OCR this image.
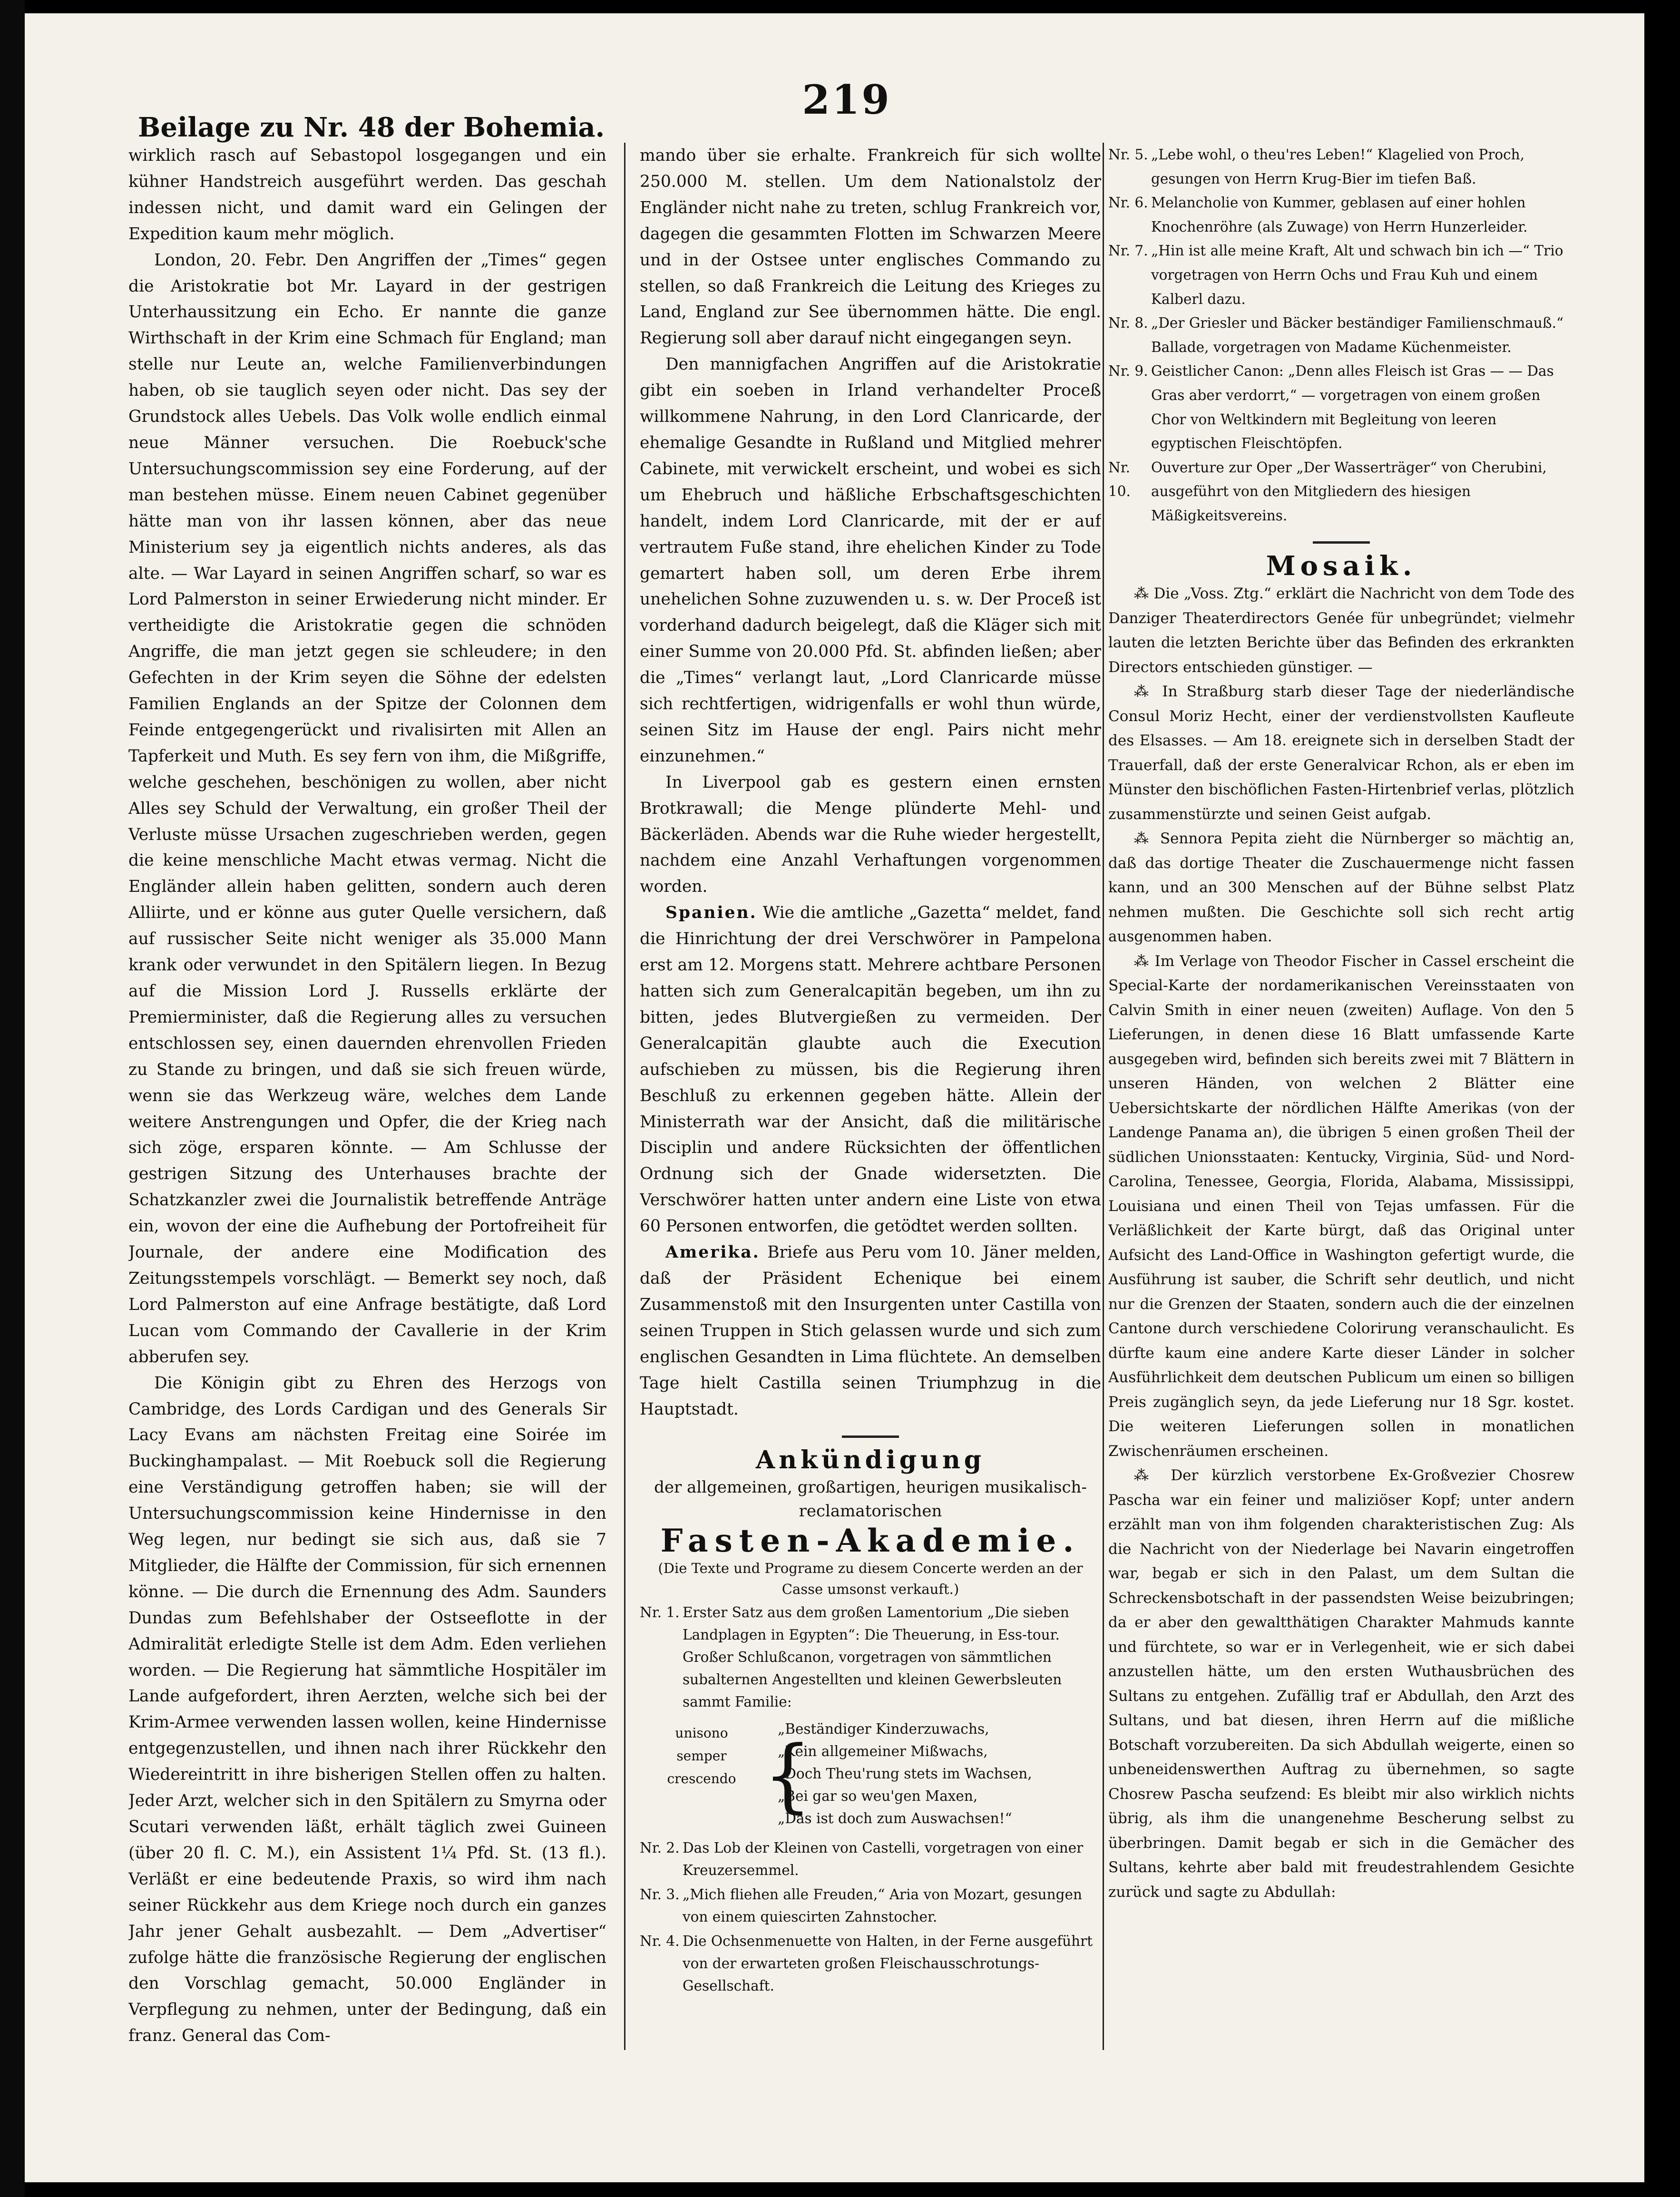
219
Beilage zu Nr. 48 der Bohemia.

wirklich rasch auf Sebastopol losgegangen und ein kühner Handstreich ausgeführt werden. Das geschah indessen nicht, und damit ward ein Gelingen der Expedition kaum mehr möglich.

London, 20. Febr. Den Angriffen der „Times“ gegen die Aristokratie bot Mr. Layard in der gestrigen Unterhaussitzung ein Echo. Er nannte die ganze Wirthschaft in der Krim eine Schmach für England; man stelle nur Leute an, welche Familienverbindungen haben, ob sie tauglich seyen oder nicht. Das sey der Grundstock alles Uebels. Das Volk wolle endlich einmal neue Männer versuchen. Die Roebuck'sche Untersuchungscommission sey eine Forderung, auf der man bestehen müsse. Einem neuen Cabinet gegenüber hätte man von ihr lassen können, aber das neue Ministerium sey ja eigentlich nichts anderes, als das alte. — War Layard in seinen Angriffen scharf, so war es Lord Palmerston in seiner Erwiederung nicht minder. Er vertheidigte die Aristokratie gegen die schnöden Angriffe, die man jetzt gegen sie schleudere; in den Gefechten in der Krim seyen die Söhne der edelsten Familien Englands an der Spitze der Colonnen dem Feinde entgegengerückt und rivalisirten mit Allen an Tapferkeit und Muth. Es sey fern von ihm, die Mißgriffe, welche geschehen, beschönigen zu wollen, aber nicht Alles sey Schuld der Verwaltung, ein großer Theil der Verluste müsse Ursachen zugeschrieben werden, gegen die keine menschliche Macht etwas vermag. Nicht die Engländer allein haben gelitten, sondern auch deren Alliirte, und er könne aus guter Quelle versichern, daß auf russischer Seite nicht weniger als 35.000 Mann krank oder verwundet in den Spitälern liegen. In Bezug auf die Mission Lord J. Russells erklärte der Premierminister, daß die Regierung alles zu versuchen entschlossen sey, einen dauernden ehrenvollen Frieden zu Stande zu bringen, und daß sie sich freuen würde, wenn sie das Werkzeug wäre, welches dem Lande weitere Anstrengungen und Opfer, die der Krieg nach sich zöge, ersparen könnte. — Am Schlusse der gestrigen Sitzung des Unterhauses brachte der Schatzkanzler zwei die Journalistik betreffende Anträge ein, wovon der eine die Aufhebung der Portofreiheit für Journale, der andere eine Modification des Zeitungsstempels vorschlägt. — Bemerkt sey noch, daß Lord Palmerston auf eine Anfrage bestätigte, daß Lord Lucan vom Commando der Cavallerie in der Krim abberufen sey.

Die Königin gibt zu Ehren des Herzogs von Cambridge, des Lords Cardigan und des Generals Sir Lacy Evans am nächsten Freitag eine Soirée im Buckinghampalast. — Mit Roebuck soll die Regierung eine Verständigung getroffen haben; sie will der Untersuchungscommission keine Hindernisse in den Weg legen, nur bedingt sie sich aus, daß sie 7 Mitglieder, die Hälfte der Commission, für sich ernennen könne. — Die durch die Ernennung des Adm. Saunders Dundas zum Befehlshaber der Ostseeflotte in der Admiralität erledigte Stelle ist dem Adm. Eden verliehen worden. — Die Regierung hat sämmtliche Hospitäler im Lande aufgefordert, ihren Aerzten, welche sich bei der Krim-Armee verwenden lassen wollen, keine Hindernisse entgegenzustellen, und ihnen nach ihrer Rückkehr den Wiedereintritt in ihre bisherigen Stellen offen zu halten. Jeder Arzt, welcher sich in den Spitälern zu Smyrna oder Scutari verwenden läßt, erhält täglich zwei Guineen (über 20 fl. C. M.), ein Assistent 1¼ Pfd. St. (13 fl.). Verläßt er eine bedeutende Praxis, so wird ihm nach seiner Rückkehr aus dem Kriege noch durch ein ganzes Jahr jener Gehalt ausbezahlt. — Dem „Advertiser“ zufolge hätte die französische Regierung der englischen den Vorschlag gemacht, 50.000 Engländer in Verpflegung zu nehmen, unter der Bedingung, daß ein franz. General das Com-

mando über sie erhalte. Frankreich für sich wollte 250.000 M. stellen. Um dem Nationalstolz der Engländer nicht nahe zu treten, schlug Frankreich vor, dagegen die gesammten Flotten im Schwarzen Meere und in der Ostsee unter englisches Commando zu stellen, so daß Frankreich die Leitung des Krieges zu Land, England zur See übernommen hätte. Die engl. Regierung soll aber darauf nicht eingegangen seyn.

Den mannigfachen Angriffen auf die Aristokratie gibt ein soeben in Irland verhandelter Proceß willkommene Nahrung, in den Lord Clanricarde, der ehemalige Gesandte in Rußland und Mitglied mehrer Cabinete, mit verwickelt erscheint, und wobei es sich um Ehebruch und häßliche Erbschaftsgeschichten handelt, indem Lord Clanricarde, mit der er auf vertrautem Fuße stand, ihre ehelichen Kinder zu Tode gemartert haben soll, um deren Erbe ihrem unehelichen Sohne zuzuwenden u. s. w. Der Proceß ist vorderhand dadurch beigelegt, daß die Kläger sich mit einer Summe von 20.000 Pfd. St. abfinden ließen; aber die „Times“ verlangt laut, „Lord Clanricarde müsse sich rechtfertigen, widrigenfalls er wohl thun würde, seinen Sitz im Hause der engl. Pairs nicht mehr einzunehmen.“

In Liverpool gab es gestern einen ernsten Brotkrawall; die Menge plünderte Mehl- und Bäckerläden. Abends war die Ruhe wieder hergestellt, nachdem eine Anzahl Verhaftungen vorgenommen worden.

Spanien. Wie die amtliche „Gazetta“ meldet, fand die Hinrichtung der drei Verschwörer in Pampelona erst am 12. Morgens statt. Mehrere achtbare Personen hatten sich zum Generalcapitän begeben, um ihn zu bitten, jedes Blutvergießen zu vermeiden. Der Generalcapitän glaubte auch die Execution aufschieben zu müssen, bis die Regierung ihren Beschluß zu erkennen gegeben hätte. Allein der Ministerrath war der Ansicht, daß die militärische Disciplin und andere Rücksichten der öffentlichen Ordnung sich der Gnade widersetzten. Die Verschwörer hatten unter andern eine Liste von etwa 60 Personen entworfen, die getödtet werden sollten.

Amerika. Briefe aus Peru vom 10. Jäner melden, daß der Präsident Echenique bei einem Zusammenstoß mit den Insurgenten unter Castilla von seinen Truppen in Stich gelassen wurde und sich zum englischen Gesandten in Lima flüchtete. An demselben Tage hielt Castilla seinen Triumphzug in die Hauptstadt.

Ankündigung
der allgemeinen, großartigen, heurigen musikalisch-reclamatorischen
Fasten-Akademie.
(Die Texte und Programe zu diesem Concerte werden an der Casse umsonst verkauft.)
Nr. 1. Erster Satz aus dem großen Lamentorium „Die sieben Landplagen in Egypten“: Die Theuerung, in Ess-tour. Großer Schlußcanon, vorgetragen von sämmtlichen subalternen Angestellten und kleinen Gewerbsleuten sammt Familie:
unisono
semper
crescendo {
„Beständiger Kinderzuwachs,
„Kein allgemeiner Mißwachs,
„Doch Theu'rung stets im Wachsen,
„Bei gar so weu'gen Maxen,
„Das ist doch zum Auswachsen!“
Nr. 2. Das Lob der Kleinen von Castelli, vorgetragen von einer Kreuzersemmel.
Nr. 3. „Mich fliehen alle Freuden,“ Aria von Mozart, gesungen von einem quiescirten Zahnstocher.
Nr. 4. Die Ochsenmenuette von Halten, in der Ferne ausgeführt von der erwarteten großen Fleischausschrotungs-Gesellschaft.
Nr. 5. „Lebe wohl, o theu'res Leben!“ Klagelied von Proch, gesungen von Herrn Krug-Bier im tiefen Baß.
Nr. 6. Melancholie von Kummer, geblasen auf einer hohlen Knochenröhre (als Zuwage) von Herrn Hunzerleider.
Nr. 7. „Hin ist alle meine Kraft, Alt und schwach bin ich —“ Trio vorgetragen von Herrn Ochs und Frau Kuh und einem Kalberl dazu.
Nr. 8. „Der Griesler und Bäcker beständiger Familienschmauß.“ Ballade, vorgetragen von Madame Küchenmeister.
Nr. 9. Geistlicher Canon: „Denn alles Fleisch ist Gras — — Das Gras aber verdorrt,“ — vorgetragen von einem großen Chor von Weltkindern mit Begleitung von leeren egyptischen Fleischtöpfen.
Nr. 10.
Ouverture zur Oper „Der Wasserträger“ von Cherubini, ausgeführt von den Mitgliedern des hiesigen Mäßigkeitsvereins.
Mosaik.

⁂ Die „Voss. Ztg.“ erklärt die Nachricht von dem Tode des Danziger Theaterdirectors Genée für unbegründet; vielmehr lauten die letzten Berichte über das Befinden des erkrankten Directors entschieden günstiger. —

⁂ In Straßburg starb dieser Tage der niederländische Consul Moriz Hecht, einer der verdienstvollsten Kaufleute des Elsasses. — Am 18. ereignete sich in derselben Stadt der Trauerfall, daß der erste Generalvicar Rchon, als er eben im Münster den bischöflichen Fasten-Hirtenbrief verlas, plötzlich zusammenstürzte und seinen Geist aufgab.

⁂ Sennora Pepita zieht die Nürnberger so mächtig an, daß das dortige Theater die Zuschauermenge nicht fassen kann, und an 300 Menschen auf der Bühne selbst Platz nehmen mußten. Die Geschichte soll sich recht artig ausgenommen haben.

⁂ Im Verlage von Theodor Fischer in Cassel erscheint die Special-Karte der nordamerikanischen Vereinsstaaten von Calvin Smith in einer neuen (zweiten) Auflage. Von den 5 Lieferungen, in denen diese 16 Blatt umfassende Karte ausgegeben wird, befinden sich bereits zwei mit 7 Blättern in unseren Händen, von welchen 2 Blätter eine Uebersichtskarte der nördlichen Hälfte Amerikas (von der Landenge Panama an), die übrigen 5 einen großen Theil der südlichen Unionsstaaten: Kentucky, Virginia, Süd- und Nord-Carolina, Tenessee, Georgia, Florida, Alabama, Mississippi, Louisiana und einen Theil von Tejas umfassen. Für die Verläßlichkeit der Karte bürgt, daß das Original unter Aufsicht des Land-Office in Washington gefertigt wurde, die Ausführung ist sauber, die Schrift sehr deutlich, und nicht nur die Grenzen der Staaten, sondern auch die der einzelnen Cantone durch verschiedene Colorirung veranschaulicht. Es dürfte kaum eine andere Karte dieser Länder in solcher Ausführlichkeit dem deutschen Publicum um einen so billigen Preis zugänglich seyn, da jede Lieferung nur 18 Sgr. kostet. Die weiteren Lieferungen sollen in monatlichen Zwischenräumen erscheinen.

⁂ Der kürzlich verstorbene Ex-Großvezier Chosrew Pascha war ein feiner und maliziöser Kopf; unter andern erzählt man von ihm folgenden charakteristischen Zug: Als die Nachricht von der Niederlage bei Navarin eingetroffen war, begab er sich in den Palast, um dem Sultan die Schreckensbotschaft in der passendsten Weise beizubringen; da er aber den gewaltthätigen Charakter Mahmuds kannte und fürchtete, so war er in Verlegenheit, wie er sich dabei anzustellen hätte, um den ersten Wuthausbrüchen des Sultans zu entgehen. Zufällig traf er Abdullah, den Arzt des Sultans, und bat diesen, ihren Herrn auf die mißliche Botschaft vorzubereiten. Da sich Abdullah weigerte, einen so unbeneidenswerthen Auftrag zu übernehmen, so sagte Chosrew Pascha seufzend: Es bleibt mir also wirklich nichts übrig, als ihm die unangenehme Bescherung selbst zu überbringen. Damit begab er sich in die Gemächer des Sultans, kehrte aber bald mit freudestrahlendem Gesichte zurück und sagte zu Abdullah:
